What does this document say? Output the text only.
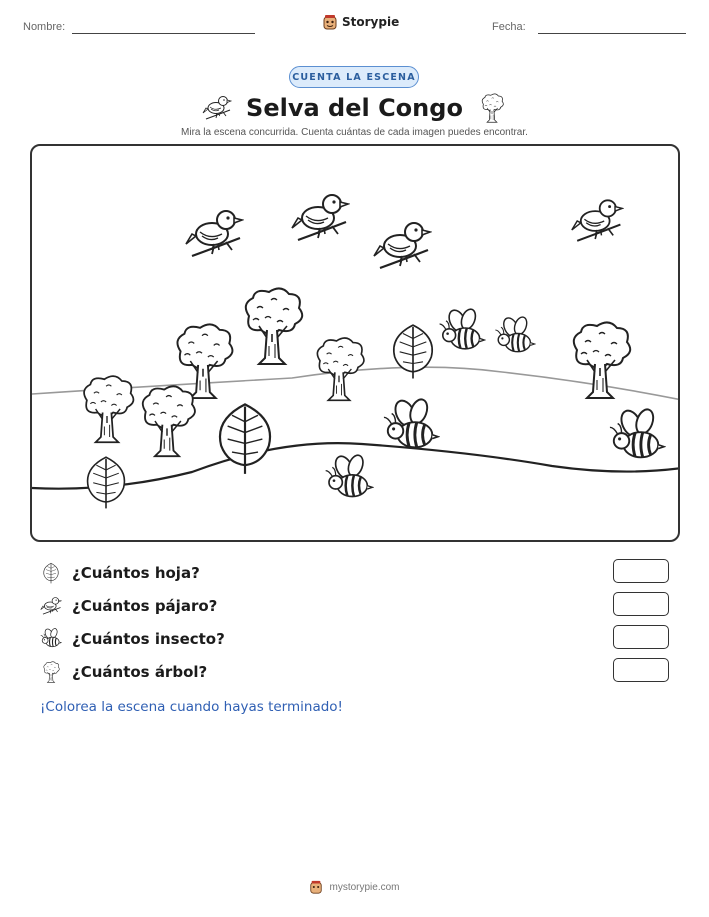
Nombre:	Storypie	Fecha:
CUENTA LA ESCENA
Selva del Congo
Mira la escena concurrida. Cuenta cuántas de cada imagen puedes encontrar.
¿Cuántos hoja?
¿Cuántos pájaro?
¿Cuántos insecto?
¿Cuántos árbol?
¡Colorea la escena cuando hayas terminado!
mystorypie.com
